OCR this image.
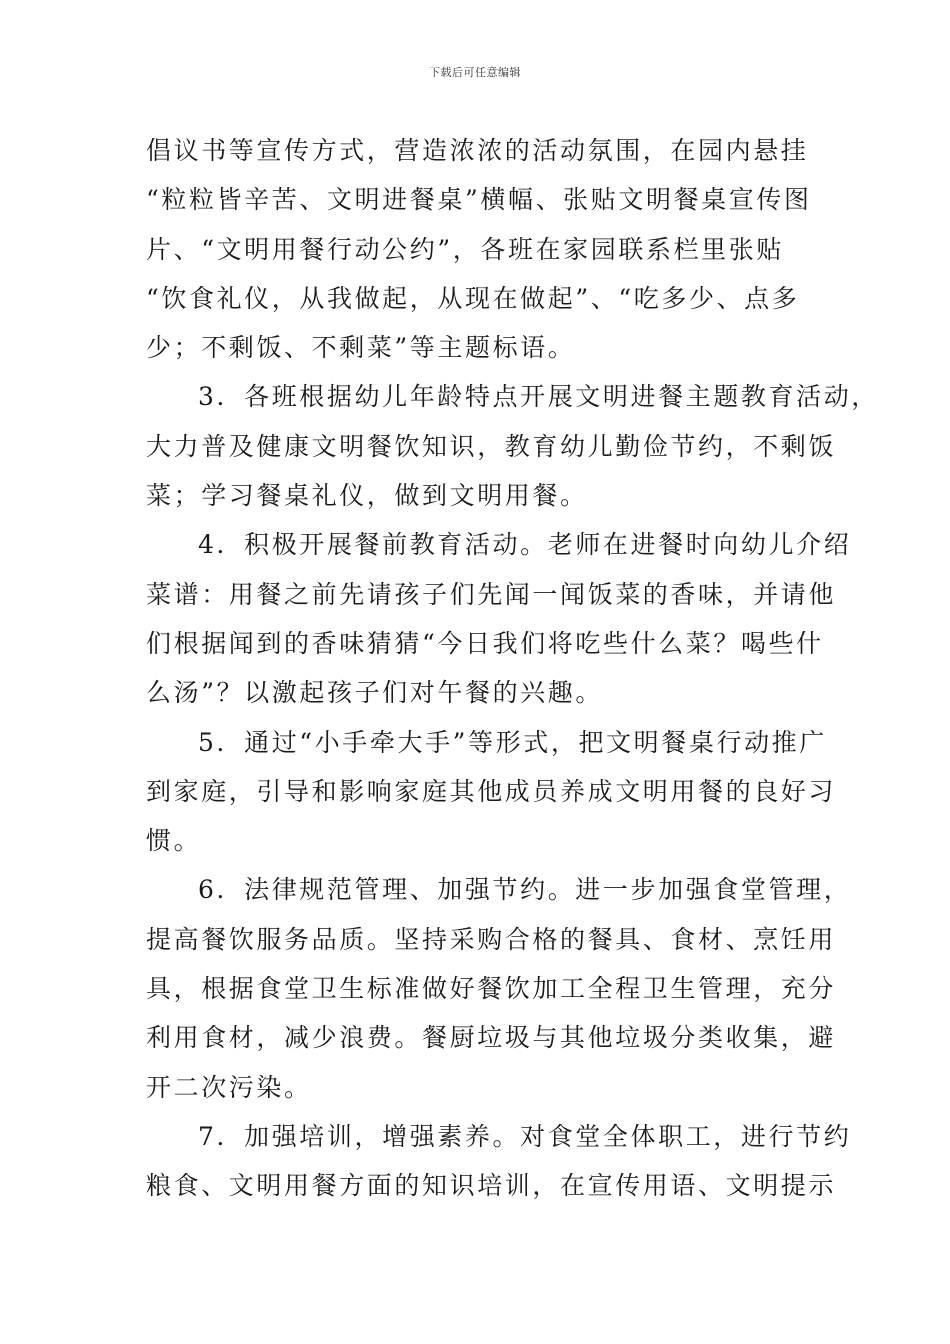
下载后可任意编辑
倡议书等宣传方式，营造浓浓的活动氛围，在园内悬挂
“粒粒皆辛苦、文明进餐桌”横幅、张贴文明餐桌宣传图
片、“文明用餐行动公约”，各班在家园联系栏里张贴
“饮食礼仪，从我做起，从现在做起”、“吃多少、点多
少；不剩饭、不剩菜”等主题标语。
3．各班根据幼儿年龄特点开展文明进餐主题教育活动，
大力普及健康文明餐饮知识，教育幼儿勤俭节约，不剩饭
菜；学习餐桌礼仪，做到文明用餐。
4．积极开展餐前教育活动。老师在进餐时向幼儿介绍
菜谱：用餐之前先请孩子们先闻一闻饭菜的香味，并请他
们根据闻到的香味猜猜“今日我们将吃些什么菜？喝些什
么汤”？以激起孩子们对午餐的兴趣。
5．通过“小手牵大手”等形式，把文明餐桌行动推广
到家庭，引导和影响家庭其他成员养成文明用餐的良好习
惯。
6．法律规范管理、加强节约。进一步加强食堂管理，
提高餐饮服务品质。坚持采购合格的餐具、食材、烹饪用
具，根据食堂卫生标准做好餐饮加工全程卫生管理，充分
利用食材，减少浪费。餐厨垃圾与其他垃圾分类收集，避
开二次污染。
7．加强培训，增强素养。对食堂全体职工，进行节约
粮食、文明用餐方面的知识培训，在宣传用语、文明提示
